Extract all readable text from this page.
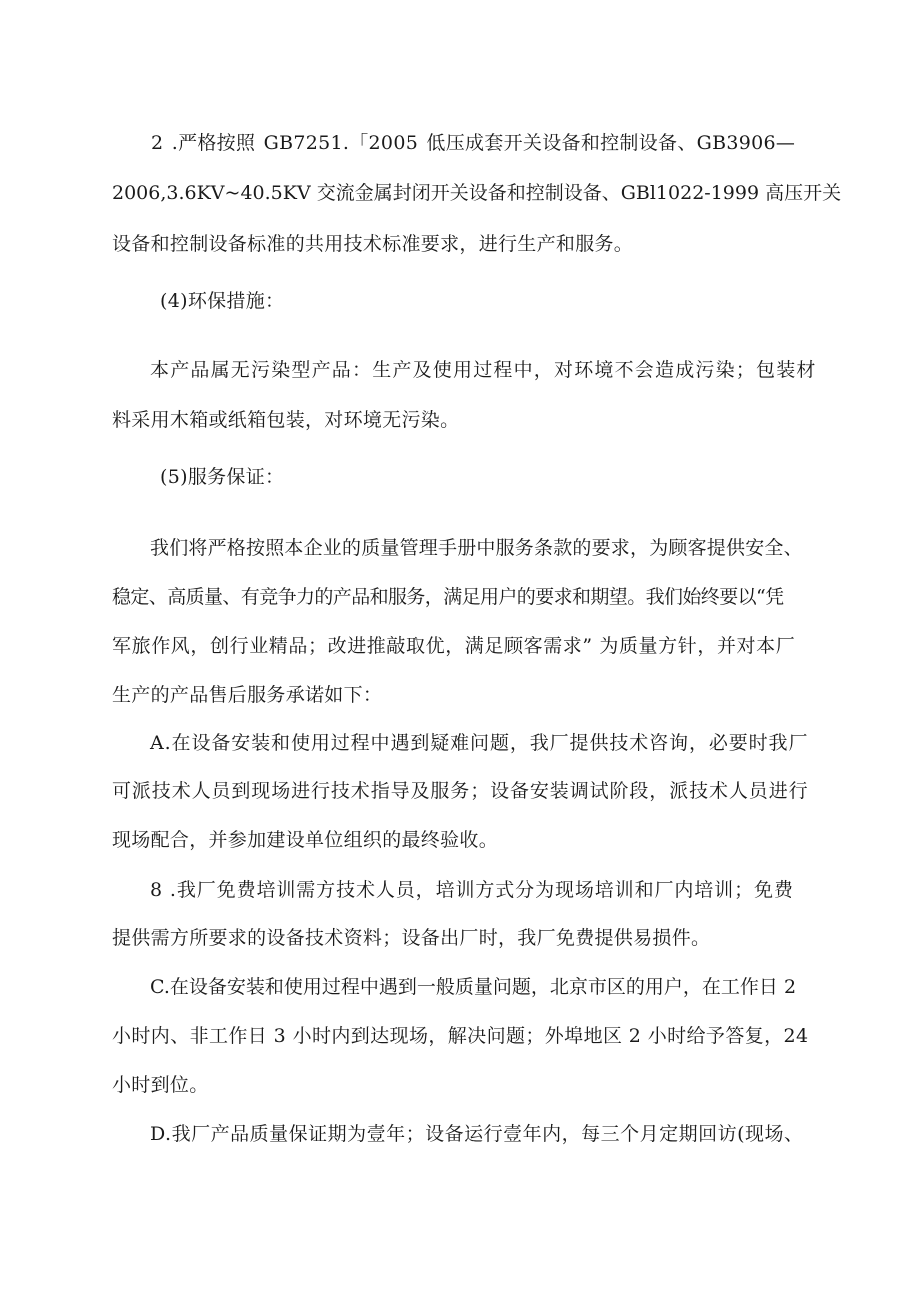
2 .严格按照 GB7251.「2005 低压成套开关设备和控制设备、GB3906—
2006,3.6KV~40.5KV 交流金属封闭开关设备和控制设备、GBl1022-1999 高压开关
设备和控制设备标准的共用技术标准要求，进行生产和服务。
(4)环保措施：
本产品属无污染型产品：生产及使用过程中，对环境不会造成污染；包装材
料采用木箱或纸箱包装，对环境无污染。
(5)服务保证：
我们将严格按照本企业的质量管理手册中服务条款的要求，为顾客提供安全、
稳定、高质量、有竞争力的产品和服务，满足用户的要求和期望。我们始终要以“凭
军旅作风，创行业精品；改进推敲取优，满足顾客需求” 为质量方针，并对本厂
生产的产品售后服务承诺如下：
A.在设备安装和使用过程中遇到疑难问题，我厂提供技术咨询，必要时我厂
可派技术人员到现场进行技术指导及服务；设备安装调试阶段，派技术人员进行
现场配合，并参加建设单位组织的最终验收。
8 .我厂免费培训需方技术人员，培训方式分为现场培训和厂内培训；免费
提供需方所要求的设备技术资料；设备出厂时，我厂免费提供易损件。
C.在设备安装和使用过程中遇到一般质量问题，北京市区的用户，在工作日 2
小时内、非工作日 3 小时内到达现场，解决问题；外埠地区 2 小时给予答复，24
小时到位。
D.我厂产品质量保证期为壹年；设备运行壹年内，每三个月定期回访(现场、
